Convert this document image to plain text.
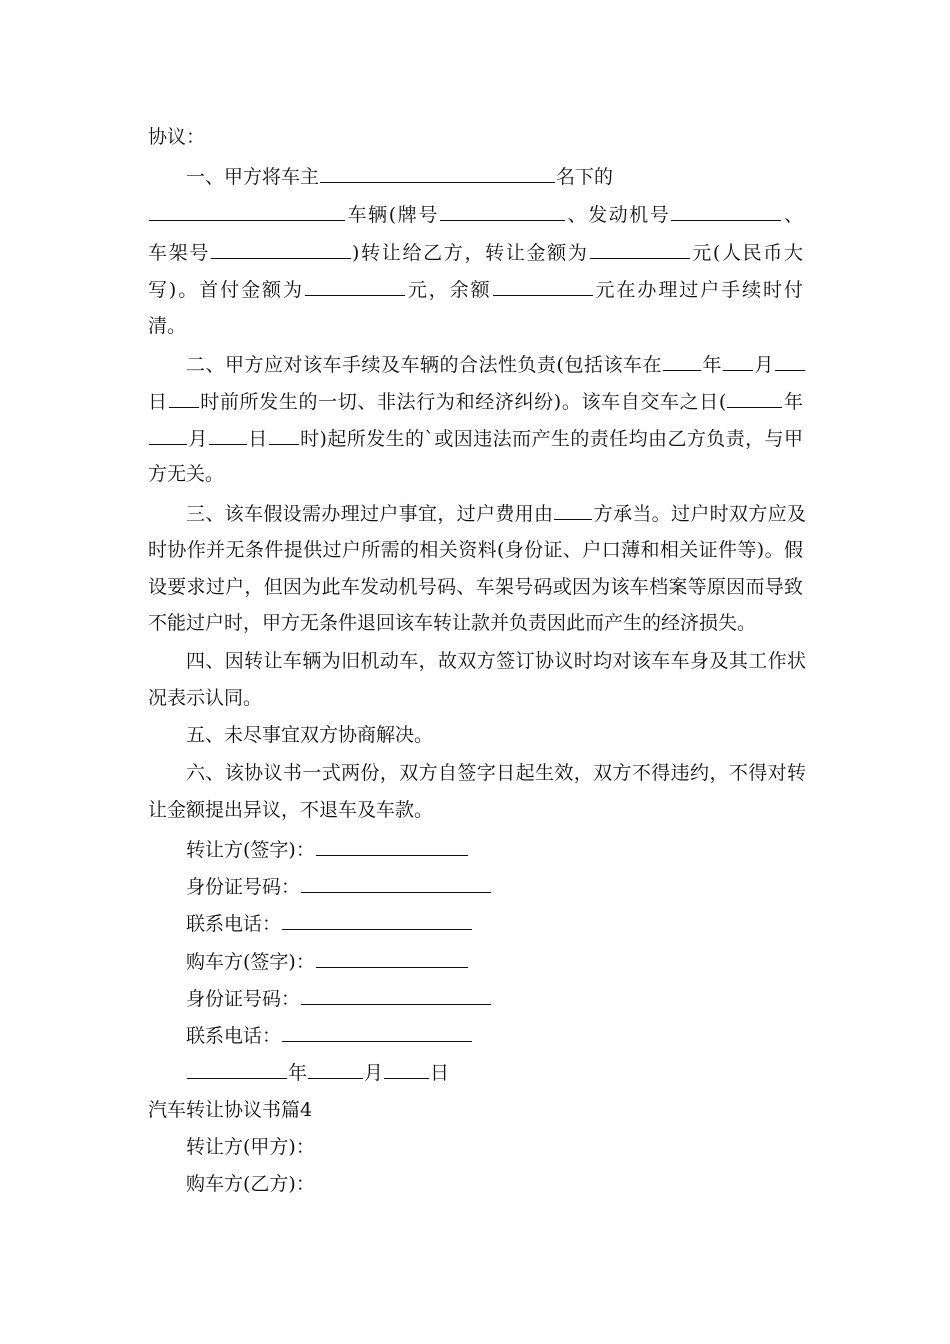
协议：
一、甲方将车主	名下的
车辆(牌号	、发动机号	、
车架号	)转让给乙方，转让金额为	元(人民币大
写)。首付金额为	元，余额	元在办理过户手续时付
清。
二、甲方应对该车手续及车辆的合法性负责(包括该车在 年 月
日 时前所发生的一切、非法行为和经济纠纷)。该车自交车之日(	年
月 日 时)起所发生的`或因违法而产生的责任均由乙方负责，与甲
方无关。
三、该车假设需办理过户事宜，过户费用由 方承当。过户时双方应及
时协作并无条件提供过户所需的相关资料(身份证、户口薄和相关证件等)。假
设要求过户，但因为此车发动机号码、车架号码或因为该车档案等原因而导致
不能过户时，甲方无条件退回该车转让款并负责因此而产生的经济损失。
四、因转让车辆为旧机动车，故双方签订协议时均对该车车身及其工作状
况表示认同。
五、未尽事宜双方协商解决。
六、该协议书一式两份，双方自签字日起生效，双方不得违约，不得对转
让金额提出异议，不退车及车款。
转让方(签字)：
身份证号码：
联系电话：
购车方(签字)：
身份证号码：
联系电话：
年	月 日
汽车转让协议书篇4
转让方(甲方)：
购车方(乙方)：
